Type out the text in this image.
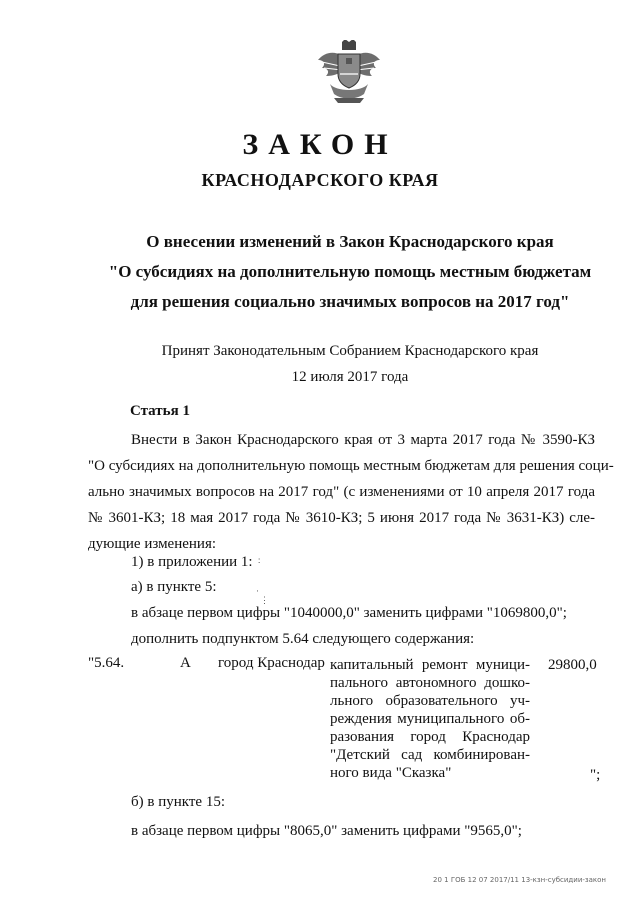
ЗАКОН
КРАСНОДАРСКОГО КРАЯ
О внесении изменений в Закон Краснодарского края
"О субсидиях на дополнительную помощь местным бюджетам
для решения социально значимых вопросов на 2017 год"
Принят Законодательным Собранием Краснодарского края
12 июля 2017 года
Статья 1
Внести в Закон Краснодарского края от 3 марта 2017 года № 3590-КЗ
"О субсидиях на дополнительную помощь местным бюджетам для решения соци-
ально значимых вопросов на 2017 год" (с изменениями от 10 апреля 2017 года
№ 3601-КЗ; 18 мая 2017 года № 3610-КЗ; 5 июня 2017 года № 3631-КЗ) сле-
дующие изменения:
1) в приложении 1:
а) в пункте 5:
в абзаце первом цифры "1040000,0" заменить цифрами "1069800,0";
дополнить подпунктом 5.64 следующего содержания:
"5.64.	А город Краснодар капитальный ремонт муници-
пального автономного дошко-
льного образовательного уч-
реждения муниципального об-
разования город Краснодар
"Детский сад комбинирован-
ного вида "Сказка"
29800,0
";
б) в пункте 15:
в абзаце первом цифры "8065,0" заменить цифрами "9565,0";
∶
·
⋮
20 1 ГОБ 12 07 2017/11 13-кзн-субсидии-закон
